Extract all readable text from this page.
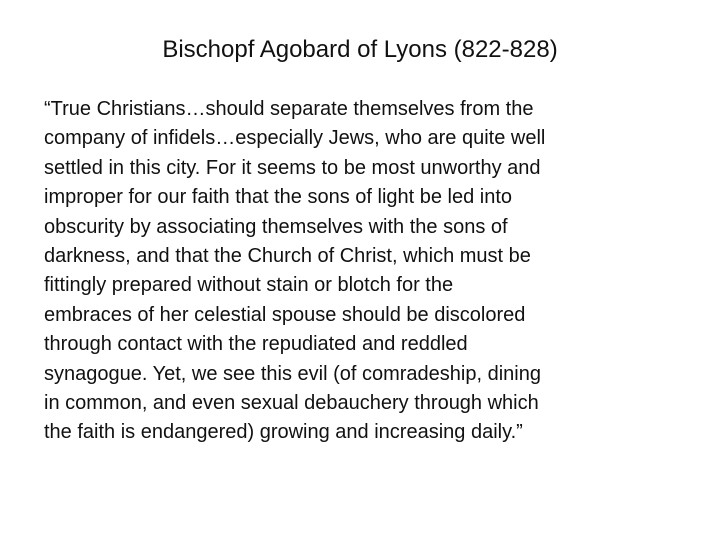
Bischopf Agobard of Lyons (822-828)
“True Christians…should separate themselves from the
company of infidels…especially Jews, who are quite well
settled in this city. For it seems to be most unworthy and
improper for our faith that the sons of light be led into
obscurity by associating themselves with the sons of
darkness, and that the Church of Christ, which must be
fittingly prepared without stain or blotch for the
embraces of her celestial spouse should be discolored
through contact with the repudiated and reddled
synagogue. Yet, we see this evil (of comradeship, dining
in common, and even sexual debauchery through which
the faith is endangered) growing and increasing daily.”
